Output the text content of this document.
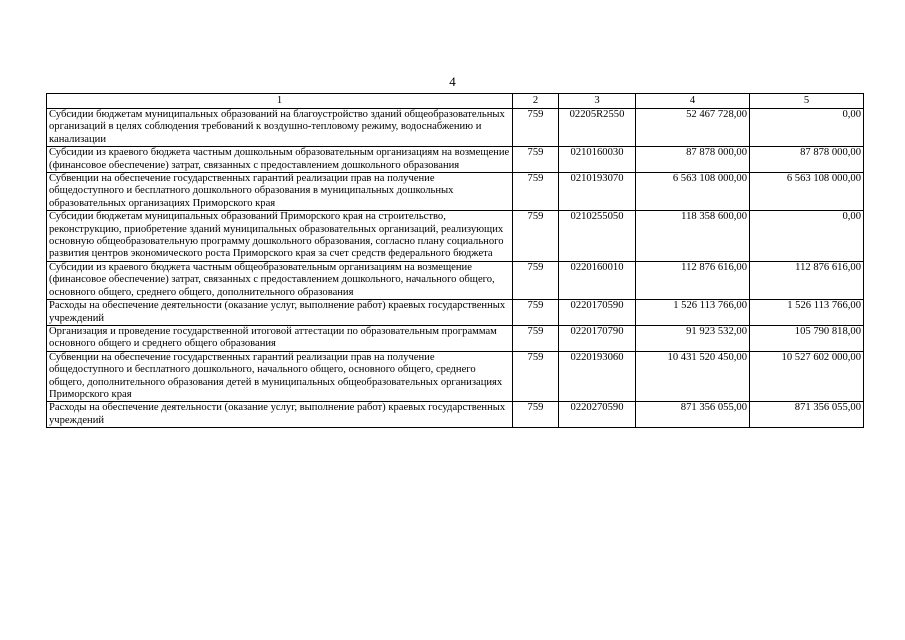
4
1	2	3	4	5
Субсидии бюджетам муниципальных образований на благоустройство зданий общеобразовательных организаций в целях соблюдения требований к воздушно-тепловому режиму, водоснабжению и канализации	759	02205R2550	52 467 728,00	0,00
Субсидии из краевого бюджета частным дошкольным образовательным организациям на возмещение (финансовое обеспечение) затрат, связанных с предоставлением дошкольного образования	759	0210160030	87 878 000,00	87 878 000,00
Субвенции на обеспечение государственных гарантий реализации прав на получение общедоступного и бесплатного дошкольного образования в муниципальных дошкольных образовательных организациях Приморского края	759	0210193070	6 563 108 000,00	6 563 108 000,00
Субсидии бюджетам муниципальных образований Приморского края на строительство, реконструкцию, приобретение зданий муниципальных образовательных организаций, реализующих основную общеобразовательную программу дошкольного образования, согласно плану социального развития центров экономического роста Приморского края за счет средств федерального бюджета	759	0210255050	118 358 600,00	0,00
Субсидии из краевого бюджета частным общеобразовательным организациям на возмещение (финансовое обеспечение) затрат, связанных с предоставлением дошкольного, начального общего, основного общего, среднего общего, дополнительного образования	759	0220160010	112 876 616,00	112 876 616,00
Расходы на обеспечение деятельности (оказание услуг, выполнение работ) краевых государственных учреждений	759	0220170590	1 526 113 766,00	1 526 113 766,00
Организация и проведение государственной итоговой аттестации по образовательным программам основного общего и среднего общего образования	759	0220170790	91 923 532,00	105 790 818,00
Субвенции на обеспечение государственных гарантий реализации прав на получение общедоступного и бесплатного дошкольного, начального общего, основного общего, среднего общего, дополнительного образования детей в муниципальных общеобразовательных организациях Приморского края	759	0220193060	10 431 520 450,00	10 527 602 000,00
Расходы на обеспечение деятельности (оказание услуг, выполнение работ) краевых государственных учреждений	759	0220270590	871 356 055,00	871 356 055,00
